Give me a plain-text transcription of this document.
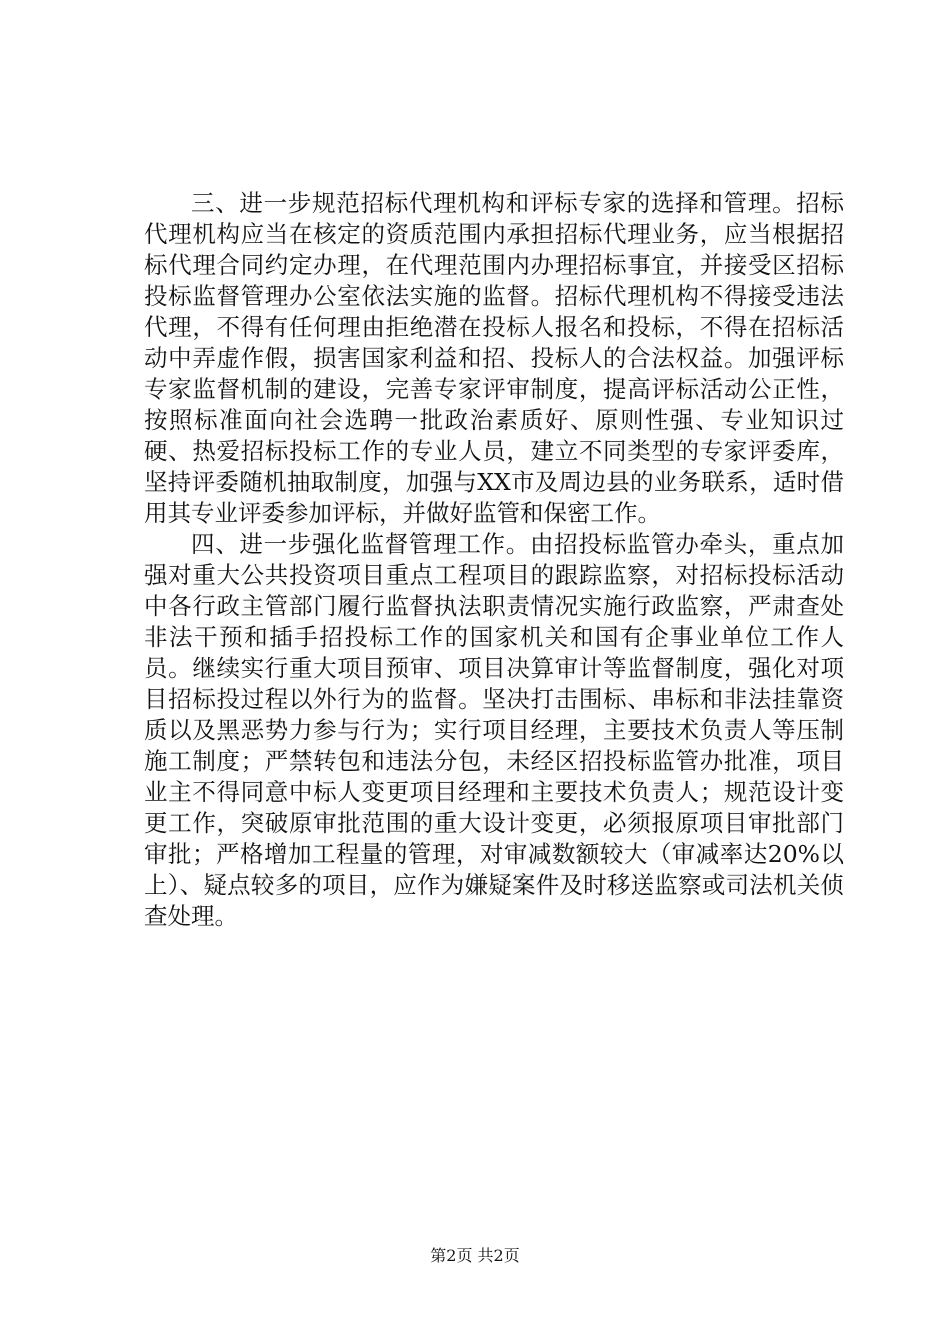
三、进一步规范招标代理机构和评标专家的选择和管理。招标代理机构应当在核定的资质范围内承担招标代理业务，应当根据招标代理合同约定办理，在代理范围内办理招标事宜，并接受区招标投标监督管理办公室依法实施的监督。招标代理机构不得接受违法代理，不得有任何理由拒绝潜在投标人报名和投标，不得在招标活动中弄虚作假，损害国家利益和招、投标人的合法权益。加强评标专家监督机制的建设，完善专家评审制度，提高评标活动公正性，按照标准面向社会选聘一批政治素质好、原则性强、专业知识过硬、热爱招标投标工作的专业人员，建立不同类型的专家评委库，坚持评委随机抽取制度，加强与XX市及周边县的业务联系，适时借用其专业评委参加评标，并做好监管和保密工作。

四、进一步强化监督管理工作。由招投标监管办牵头，重点加强对重大公共投资项目重点工程项目的跟踪监察，对招标投标活动中各行政主管部门履行监督执法职责情况实施行政监察，严肃查处非法干预和插手招投标工作的国家机关和国有企事业单位工作人员。继续实行重大项目预审、项目决算审计等监督制度，强化对项目招标投过程以外行为的监督。坚决打击围标、串标和非法挂靠资质以及黑恶势力参与行为；实行项目经理，主要技术负责人等压制施工制度；严禁转包和违法分包，未经区招投标监管办批准，项目业主不得同意中标人变更项目经理和主要技术负责人；规范设计变更工作，突破原审批范围的重大设计变更，必须报原项目审批部门审批；严格增加工程量的管理，对审减数额较大（审减率达20%以上）、疑点较多的项目，应作为嫌疑案件及时移送监察或司法机关侦查处理。

第2页 共2页
